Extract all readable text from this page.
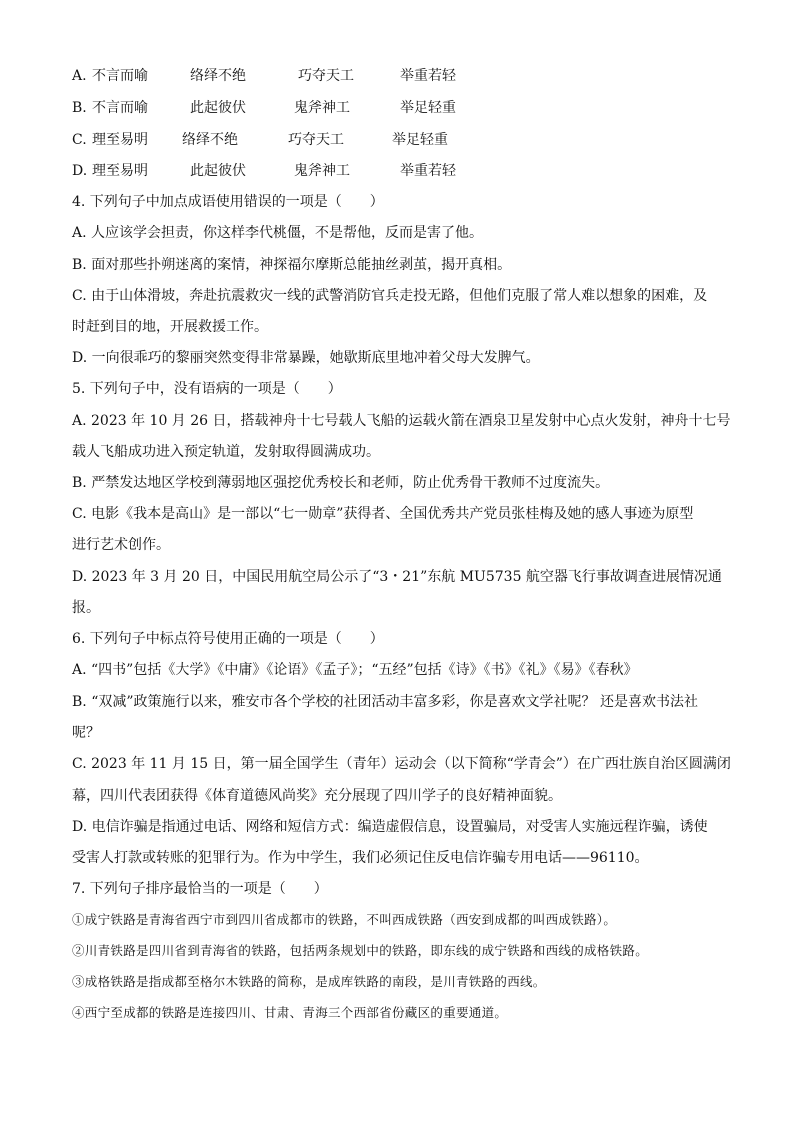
A. 不言而喻	络绎不绝	巧夺天工	举重若轻
B. 不言而喻	此起彼伏	鬼斧神工	举足轻重
C. 理至易明 络绎不绝	巧夺天工	举足轻重
D. 理至易明	此起彼伏	鬼斧神工	举重若轻
4. 下列句子中加点成语使用错误的一项是（　　）
A. 人应该学会担责，你这样李代桃僵，不是帮他，反而是害了他。
B. 面对那些扑朔迷离的案情，神探福尔摩斯总能抽丝剥茧，揭开真相。
C. 由于山体滑坡，奔赴抗震救灾一线的武警消防官兵走投无路，但他们克服了常人难以想象的困难，及
时赶到目的地，开展救援工作。
D. 一向很乖巧的黎丽突然变得非常暴躁，她歇斯底里地冲着父母大发脾气。
5. 下列句子中，没有语病的一项是（　　）
A. 2023 年 10 月 26 日，搭载神舟十七号载人飞船的运载火箭在酒泉卫星发射中心点火发射，神舟十七号
载人飞船成功进入预定轨道，发射取得圆满成功。
B. 严禁发达地区学校到薄弱地区强挖优秀校长和老师，防止优秀骨干教师不过度流失。
C. 电影《我本是高山》是一部以“七一勋章”获得者、全国优秀共产党员张桂梅及她的感人事迹为原型
进行艺术创作。
D. 2023 年 3 月 20 日，中国民用航空局公示了“3・21”东航 MU5735 航空器飞行事故调查进展情况通
报。
6. 下列句子中标点符号使用正确的一项是（　　）
A. “四书”包括《大学》《中庸》《论语》《孟子》；“五经”包括《诗》《书》《礼》《易》《春秋》
B. “双减”政策施行以来，雅安市各个学校的社团活动丰富多彩，你是喜欢文学社呢？ 还是喜欢书法社
呢？
C. 2023 年 11 月 15 日，第一届全国学生（青年）运动会（以下简称“学青会”）在广西壮族自治区圆满闭
幕，四川代表团获得《体育道德风尚奖》充分展现了四川学子的良好精神面貌。
D. 电信诈骗是指通过电话、网络和短信方式：编造虚假信息，设置骗局，对受害人实施远程诈骗，诱使
受害人打款或转账的犯罪行为。作为中学生，我们必须记住反电信诈骗专用电话——96110。
7. 下列句子排序最恰当的一项是（　　）
①成宁铁路是青海省西宁市到四川省成都市的铁路，不叫西成铁路（西安到成都的叫西成铁路）。
②川青铁路是四川省到青海省的铁路，包括两条规划中的铁路，即东线的成宁铁路和西线的成格铁路。
③成格铁路是指成都至格尔木铁路的简称，是成库铁路的南段，是川青铁路的西线。
④西宁至成都的铁路是连接四川、甘肃、青海三个西部省份藏区的重要通道。
